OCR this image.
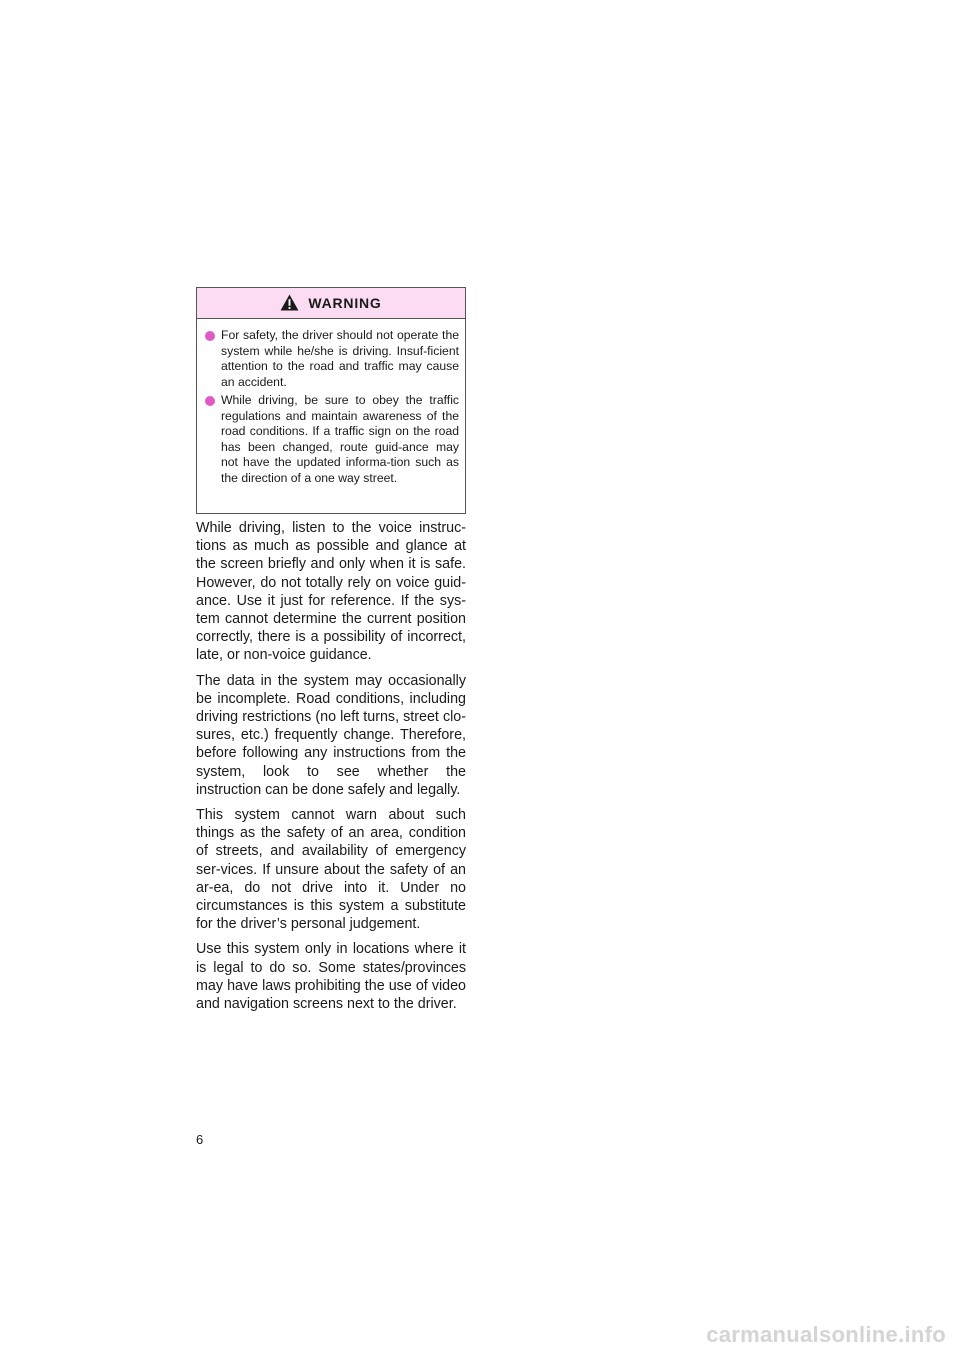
WARNING
For safety, the driver should not operate the system while he/she is driving. Insuf-ficient attention to the road and traffic may cause an accident.
While driving, be sure to obey the traffic regulations and maintain awareness of the road conditions. If a traffic sign on the road has been changed, route guid-ance may not have the updated informa-tion such as the direction of a one way street.

While driving, listen to the voice instruc-tions as much as possible and glance at the screen briefly and only when it is safe. However, do not totally rely on voice guid-ance. Use it just for reference. If the sys-tem cannot determine the current position correctly, there is a possibility of incorrect, late, or non-voice guidance.

The data in the system may occasionally be incomplete. Road conditions, including driving restrictions (no left turns, street clo-sures, etc.) frequently change. Therefore, before following any instructions from the system, look to see whether the instruction can be done safely and legally.

This system cannot warn about such things as the safety of an area, condition of streets, and availability of emergency ser-vices. If unsure about the safety of an ar-ea, do not drive into it. Under no circumstances is this system a substitute for the driver’s personal judgement.

Use this system only in locations where it is legal to do so. Some states/provinces may have laws prohibiting the use of video and navigation screens next to the driver.

6
carmanualsonline.info
